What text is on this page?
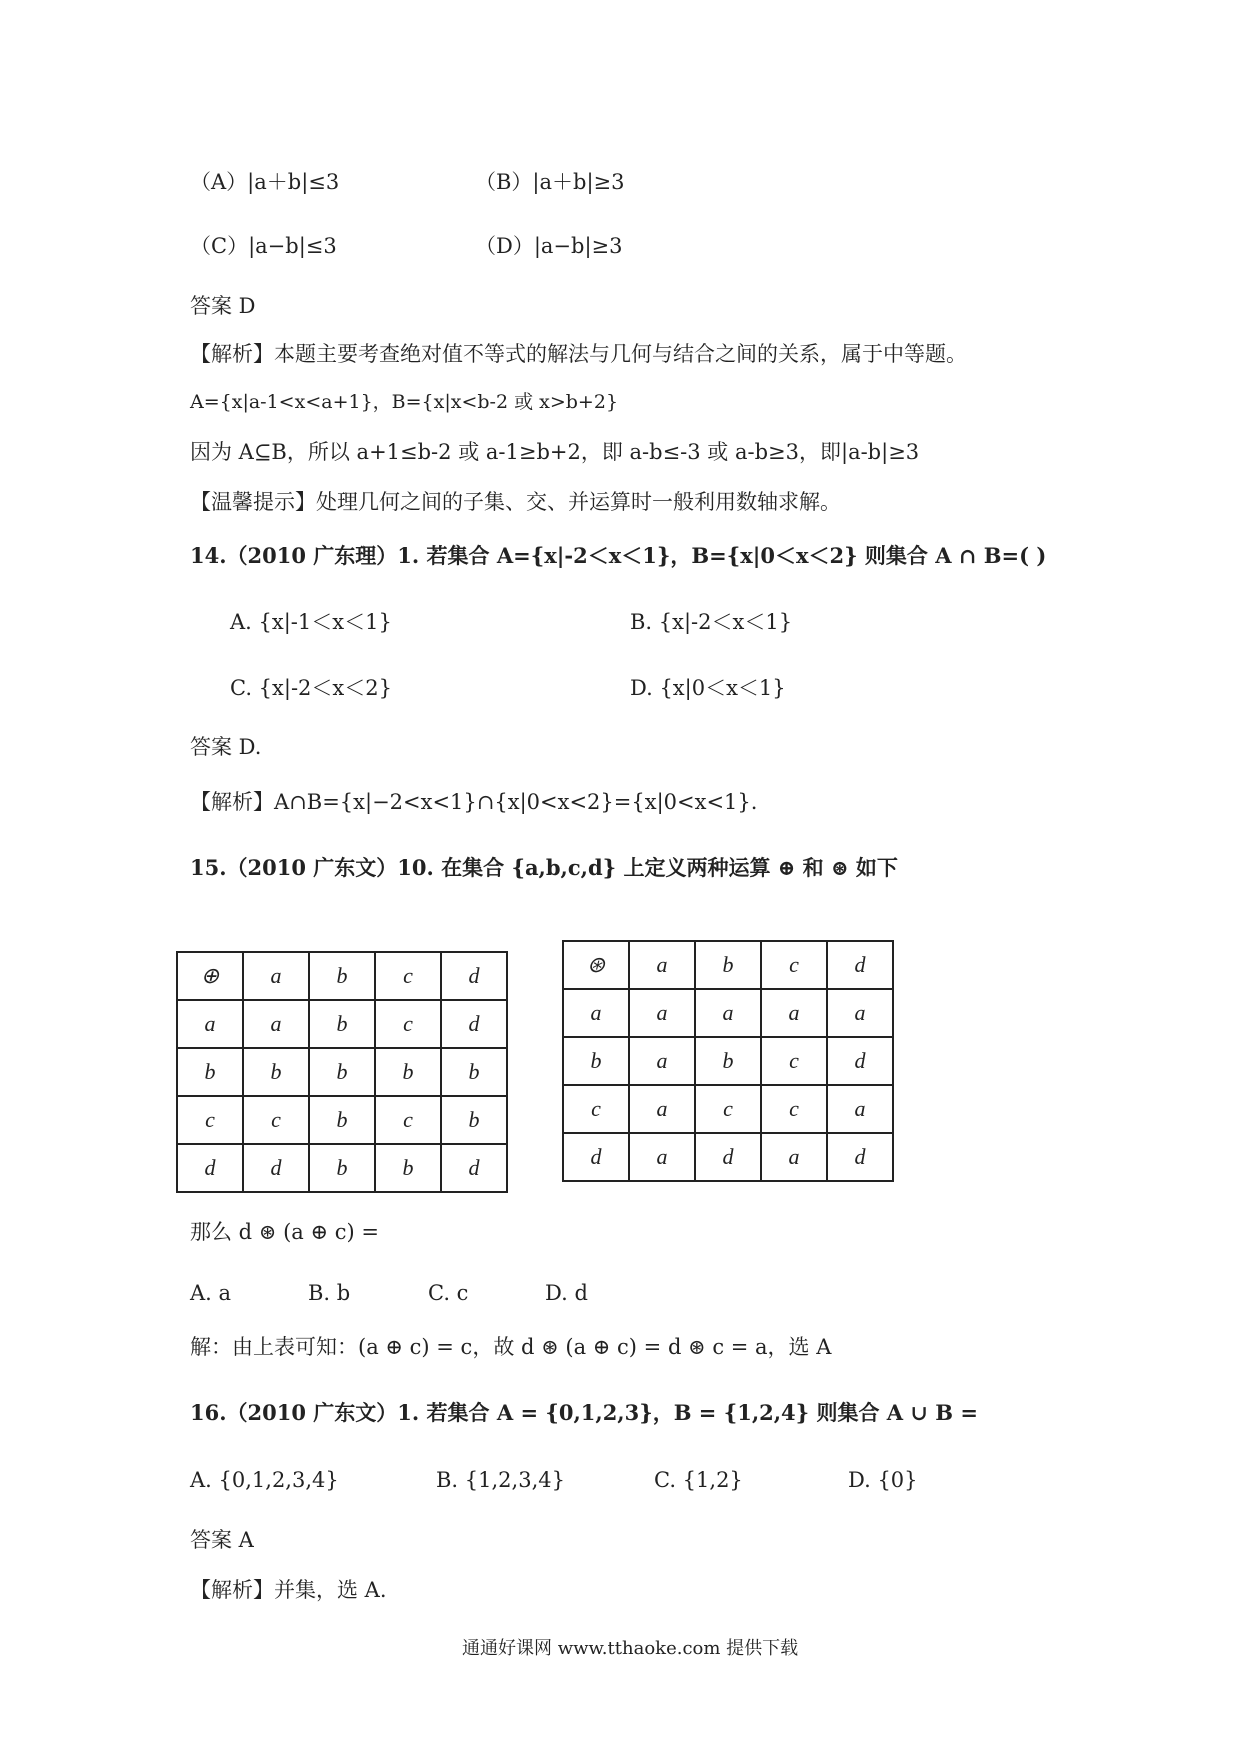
（A）|a＋b|≤3	（B）|a＋b|≥3
（C）|a−b|≤3	（D）|a−b|≥3
答案 D
【解析】本题主要考查绝对值不等式的解法与几何与结合之间的关系，属于中等题。
A={x|a-1<x<a+1}，B={x|x<b-2 或 x>b+2}
因为 A⊆B，所以 a+1≤b-2 或 a-1≥b+2，即 a-b≤-3 或 a-b≥3，即|a-b|≥3
【温馨提示】处理几何之间的子集、交、并运算时一般利用数轴求解。
14.（2010 广东理）1. 若集合 A={x|-2＜x＜1}，B={x|0＜x＜2} 则集合 A ∩ B=( )
A. {x|-1＜x＜1}	B. {x|-2＜x＜1}
C. {x|-2＜x＜2}	D. {x|0＜x＜1}
答案 D.
【解析】A∩B={x|−2<x<1}∩{x|0<x<2}={x|0<x<1}.
15.（2010 广东文）10. 在集合 {a,b,c,d} 上定义两种运算 ⊕ 和 ⊛ 如下
⊕	a	b	c	d
a	a	b	c	d
b	b	b	b	b
c	c	b	c	b
d	d	b	b	d
⊛	a	b	c	d
a	a	a	a	a
b	a	b	c	d
c	a	c	c	a
d	a	d	a	d
那么 d ⊛ (a ⊕ c) =
A. a	B. b	C. c	D. d
解：由上表可知：(a ⊕ c) = c，故 d ⊛ (a ⊕ c) = d ⊛ c = a，选 A
16.（2010 广东文）1. 若集合 A = {0,1,2,3}，B = {1,2,4} 则集合 A ∪ B =
A. {0,1,2,3,4}	B. {1,2,3,4}	C. {1,2}	D. {0}
答案 A
【解析】并集，选 A.
通通好课网 www.tthaoke.com 提供下载
